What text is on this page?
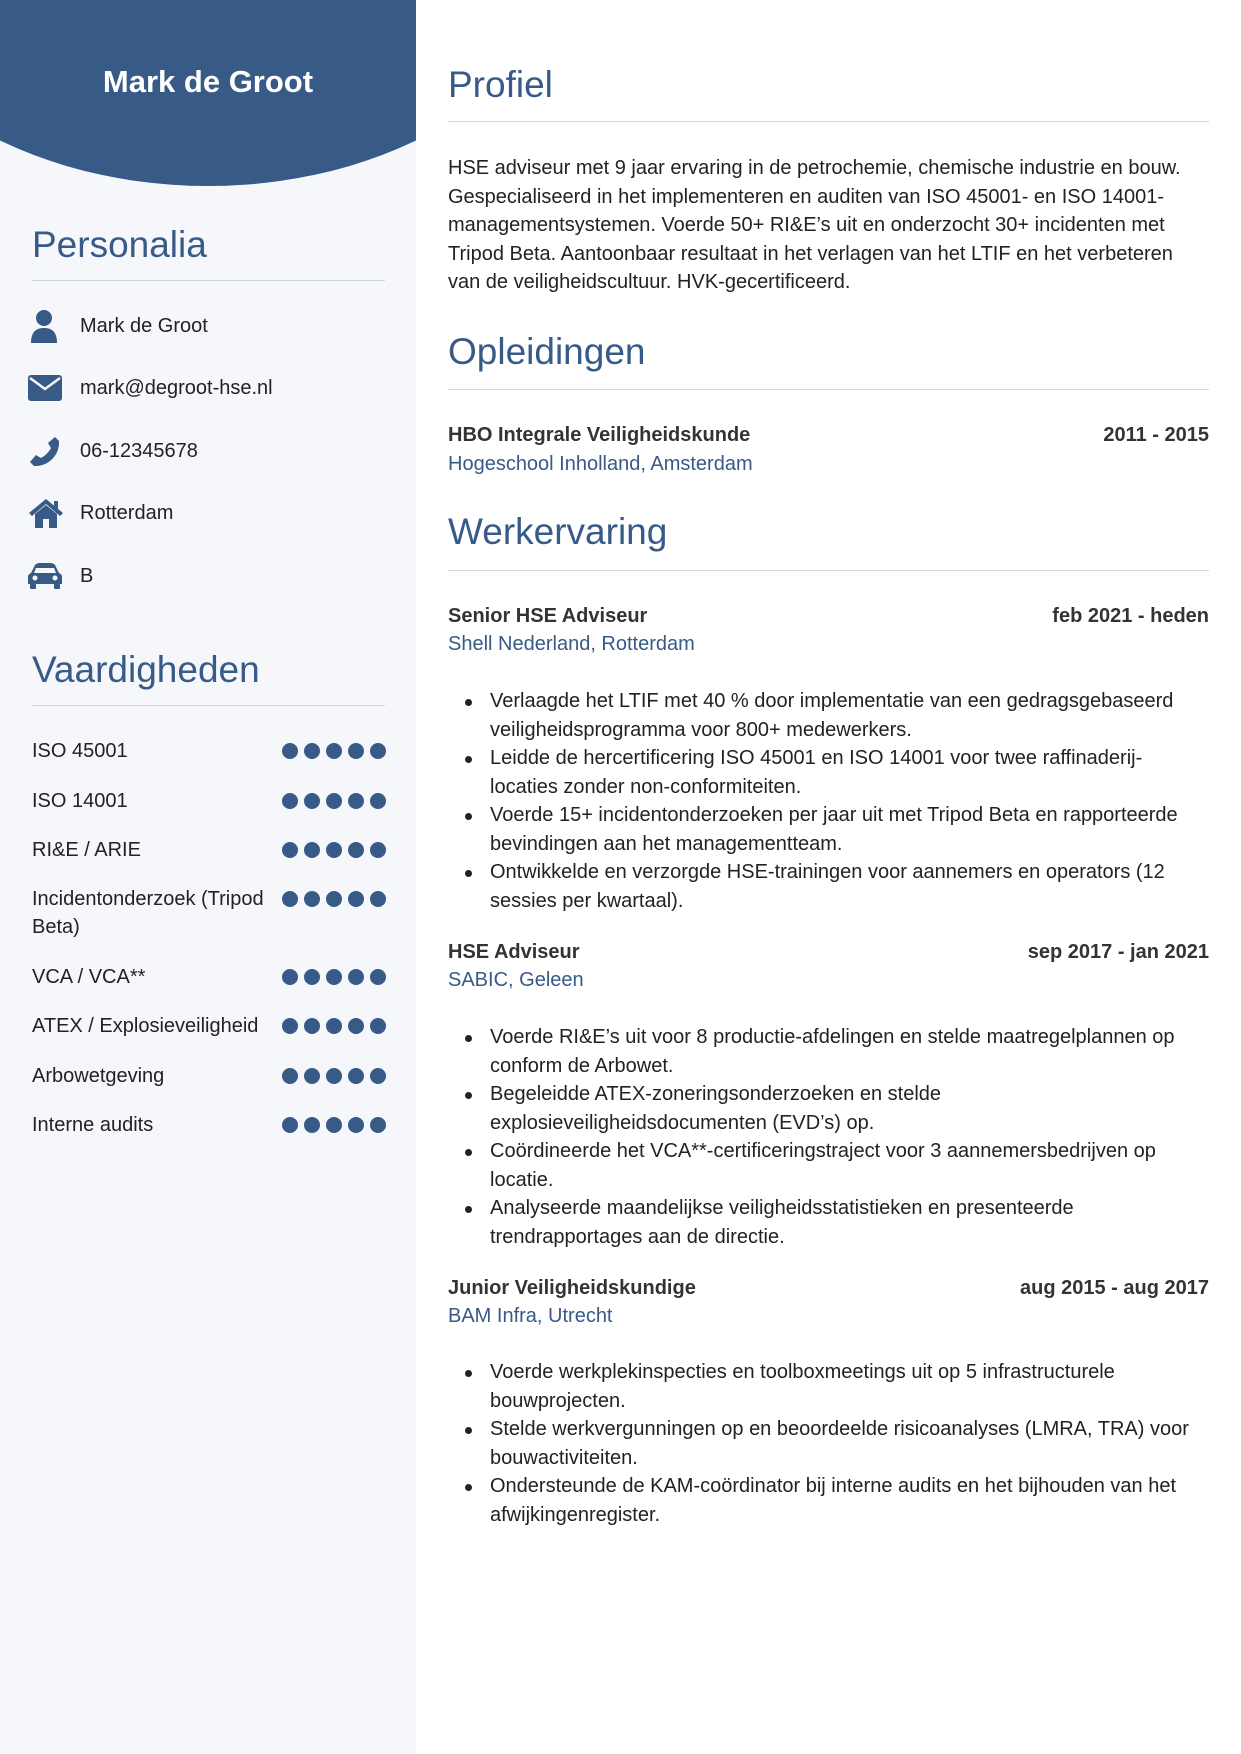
Mark de Groot
Personalia
Mark de Groot
mark@degroot-hse.nl
06-12345678
Rotterdam
B
Vaardigheden
ISO 45001
ISO 14001
RI&E / ARIE
Incidentonderzoek (Tripod Beta)
VCA / VCA**
ATEX / Explosieveiligheid
Arbowetgeving
Interne audits
Profiel
HSE adviseur met 9 jaar ervaring in de petrochemie, chemische industrie en bouw. Gespecialiseerd in het implementeren en auditen van ISO 45001- en ISO 14001-managementsystemen. Voerde 50+ RI&E’s uit en onderzocht 30+ incidenten met Tripod Beta. Aantoonbaar resultaat in het verlagen van het LTIF en het verbeteren van de veiligheidscultuur. HVK-gecertificeerd.
Opleidingen
HBO Integrale Veiligheidskunde	2011 - 2015
Hogeschool Inholland, Amsterdam
Werkervaring
Senior HSE Adviseur	feb 2021 - heden
Shell Nederland, Rotterdam
Verlaagde het LTIF met 40 % door implementatie van een gedragsgebaseerd veiligheidsprogramma voor 800+ medewerkers.
Leidde de hercertificering ISO 45001 en ISO 14001 voor twee raffinaderij-locaties zonder non-conformiteiten.
Voerde 15+ incidentonderzoeken per jaar uit met Tripod Beta en rapporteerde bevindingen aan het managementteam.
Ontwikkelde en verzorgde HSE-trainingen voor aannemers en operators (12 sessies per kwartaal).
HSE Adviseur	sep 2017 - jan 2021
SABIC, Geleen
Voerde RI&E’s uit voor 8 productie-afdelingen en stelde maatregelplannen op conform de Arbowet.
Begeleidde ATEX-zoneringsonderzoeken en stelde explosieveiligheidsdocumenten (EVD’s) op.
Coördineerde het VCA**-certificeringstraject voor 3 aannemersbedrijven op locatie.
Analyseerde maandelijkse veiligheidsstatistieken en presenteerde trendrapportages aan de directie.
Junior Veiligheidskundige	aug 2015 - aug 2017
BAM Infra, Utrecht
Voerde werkplekinspecties en toolboxmeetings uit op 5 infrastructurele bouwprojecten.
Stelde werkvergunningen op en beoordeelde risicoanalyses (LMRA, TRA) voor bouwactiviteiten.
Ondersteunde de KAM-coördinator bij interne audits en het bijhouden van het afwijkingenregister.
